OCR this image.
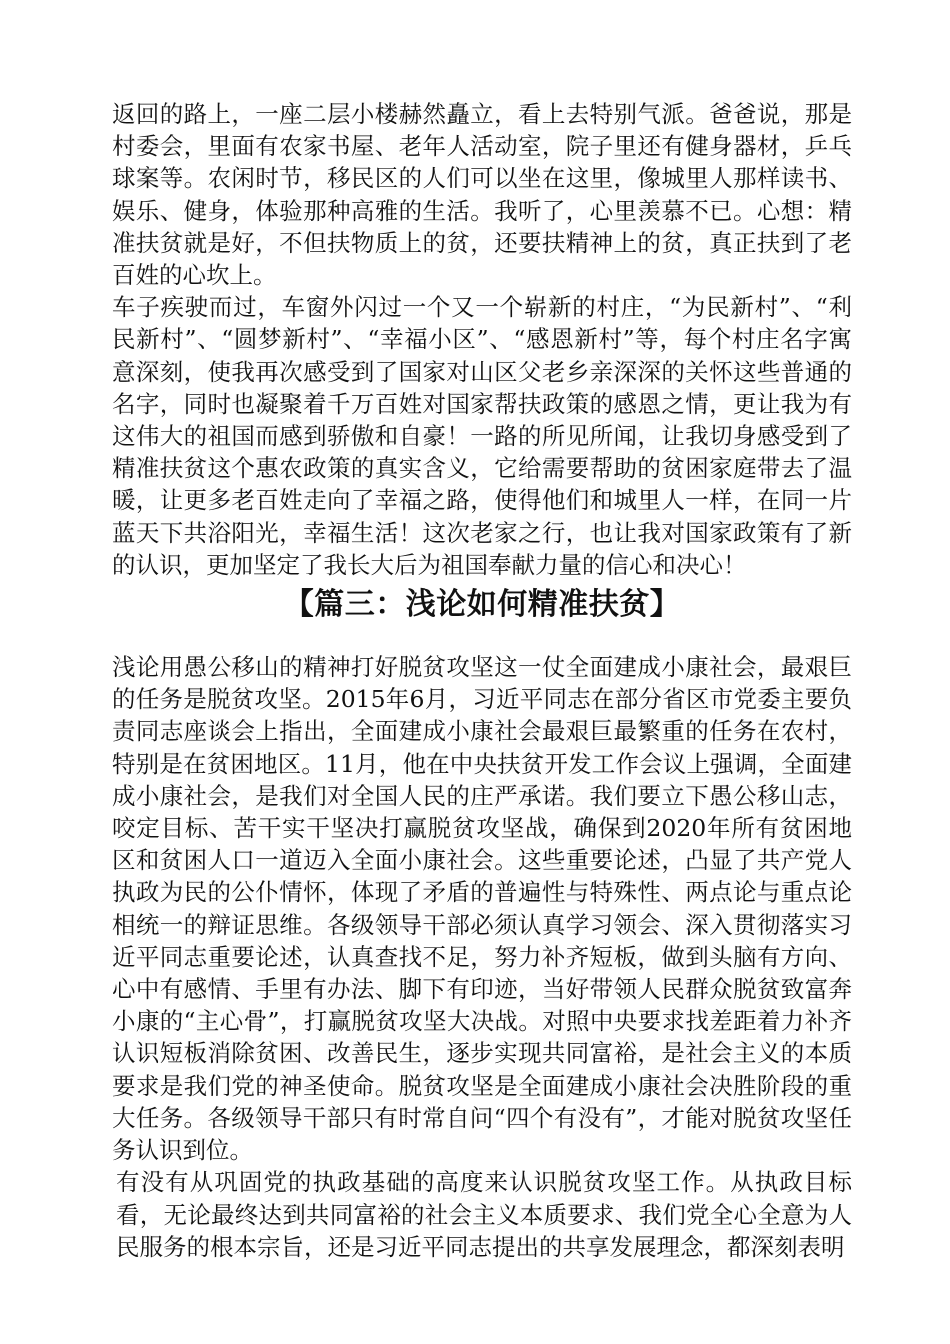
返回的路上，一座二层小楼赫然矗立，看上去特别气派。爸爸说，那是村委会，里面有农家书屋、老年人活动室，院子里还有健身器材，乒乓球案等。农闲时节，移民区的人们可以坐在这里，像城里人那样读书、娱乐、健身，体验那种高雅的生活。我听了，心里羡慕不已。心想：精准扶贫就是好，不但扶物质上的贫，还要扶精神上的贫，真正扶到了老百姓的心坎上。

车子疾驶而过，车窗外闪过一个又一个崭新的村庄，“为民新村”、“利民新村”、“圆梦新村”、“幸福小区”、“感恩新村”等，每个村庄名字寓意深刻，使我再次感受到了国家对山区父老乡亲深深的关怀这些普通的名字，同时也凝聚着千万百姓对国家帮扶政策的感恩之情，更让我为有这伟大的祖国而感到骄傲和自豪！一路的所见所闻，让我切身感受到了精准扶贫这个惠农政策的真实含义，它给需要帮助的贫困家庭带去了温暖，让更多老百姓走向了幸福之路，使得他们和城里人一样，在同一片蓝天下共浴阳光，幸福生活！这次老家之行，也让我对国家政策有了新的认识，更加坚定了我长大后为祖国奉献力量的信心和决心！

【篇三：浅论如何精准扶贫】

浅论用愚公移山的精神打好脱贫攻坚这一仗全面建成小康社会，最艰巨的任务是脱贫攻坚。2015年6月，习近平同志在部分省区市党委主要负责同志座谈会上指出，全面建成小康社会最艰巨最繁重的任务在农村，特别是在贫困地区。11月，他在中央扶贫开发工作会议上强调，全面建成小康社会，是我们对全国人民的庄严承诺。我们要立下愚公移山志，咬定目标、苦干实干坚决打赢脱贫攻坚战，确保到2020年所有贫困地区和贫困人口一道迈入全面小康社会。这些重要论述，凸显了共产党人执政为民的公仆情怀，体现了矛盾的普遍性与特殊性、两点论与重点论相统一的辩证思维。各级领导干部必须认真学习领会、深入贯彻落实习近平同志重要论述，认真查找不足，努力补齐短板，做到头脑有方向、心中有感情、手里有办法、脚下有印迹，当好带领人民群众脱贫致富奔小康的“主心骨”，打赢脱贫攻坚大决战。对照中央要求找差距着力补齐认识短板消除贫困、改善民生，逐步实现共同富裕，是社会主义的本质要求是我们党的神圣使命。脱贫攻坚是全面建成小康社会决胜阶段的重大任务。各级领导干部只有时常自问“四个有没有”，才能对脱贫攻坚任务认识到位。

有没有从巩固党的执政基础的高度来认识脱贫攻坚工作。从执政目标看，无论最终达到共同富裕的社会主义本质要求、我们党全心全意为人民服务的根本宗旨，还是习近平同志提出的共享发展理念，都深刻表明
